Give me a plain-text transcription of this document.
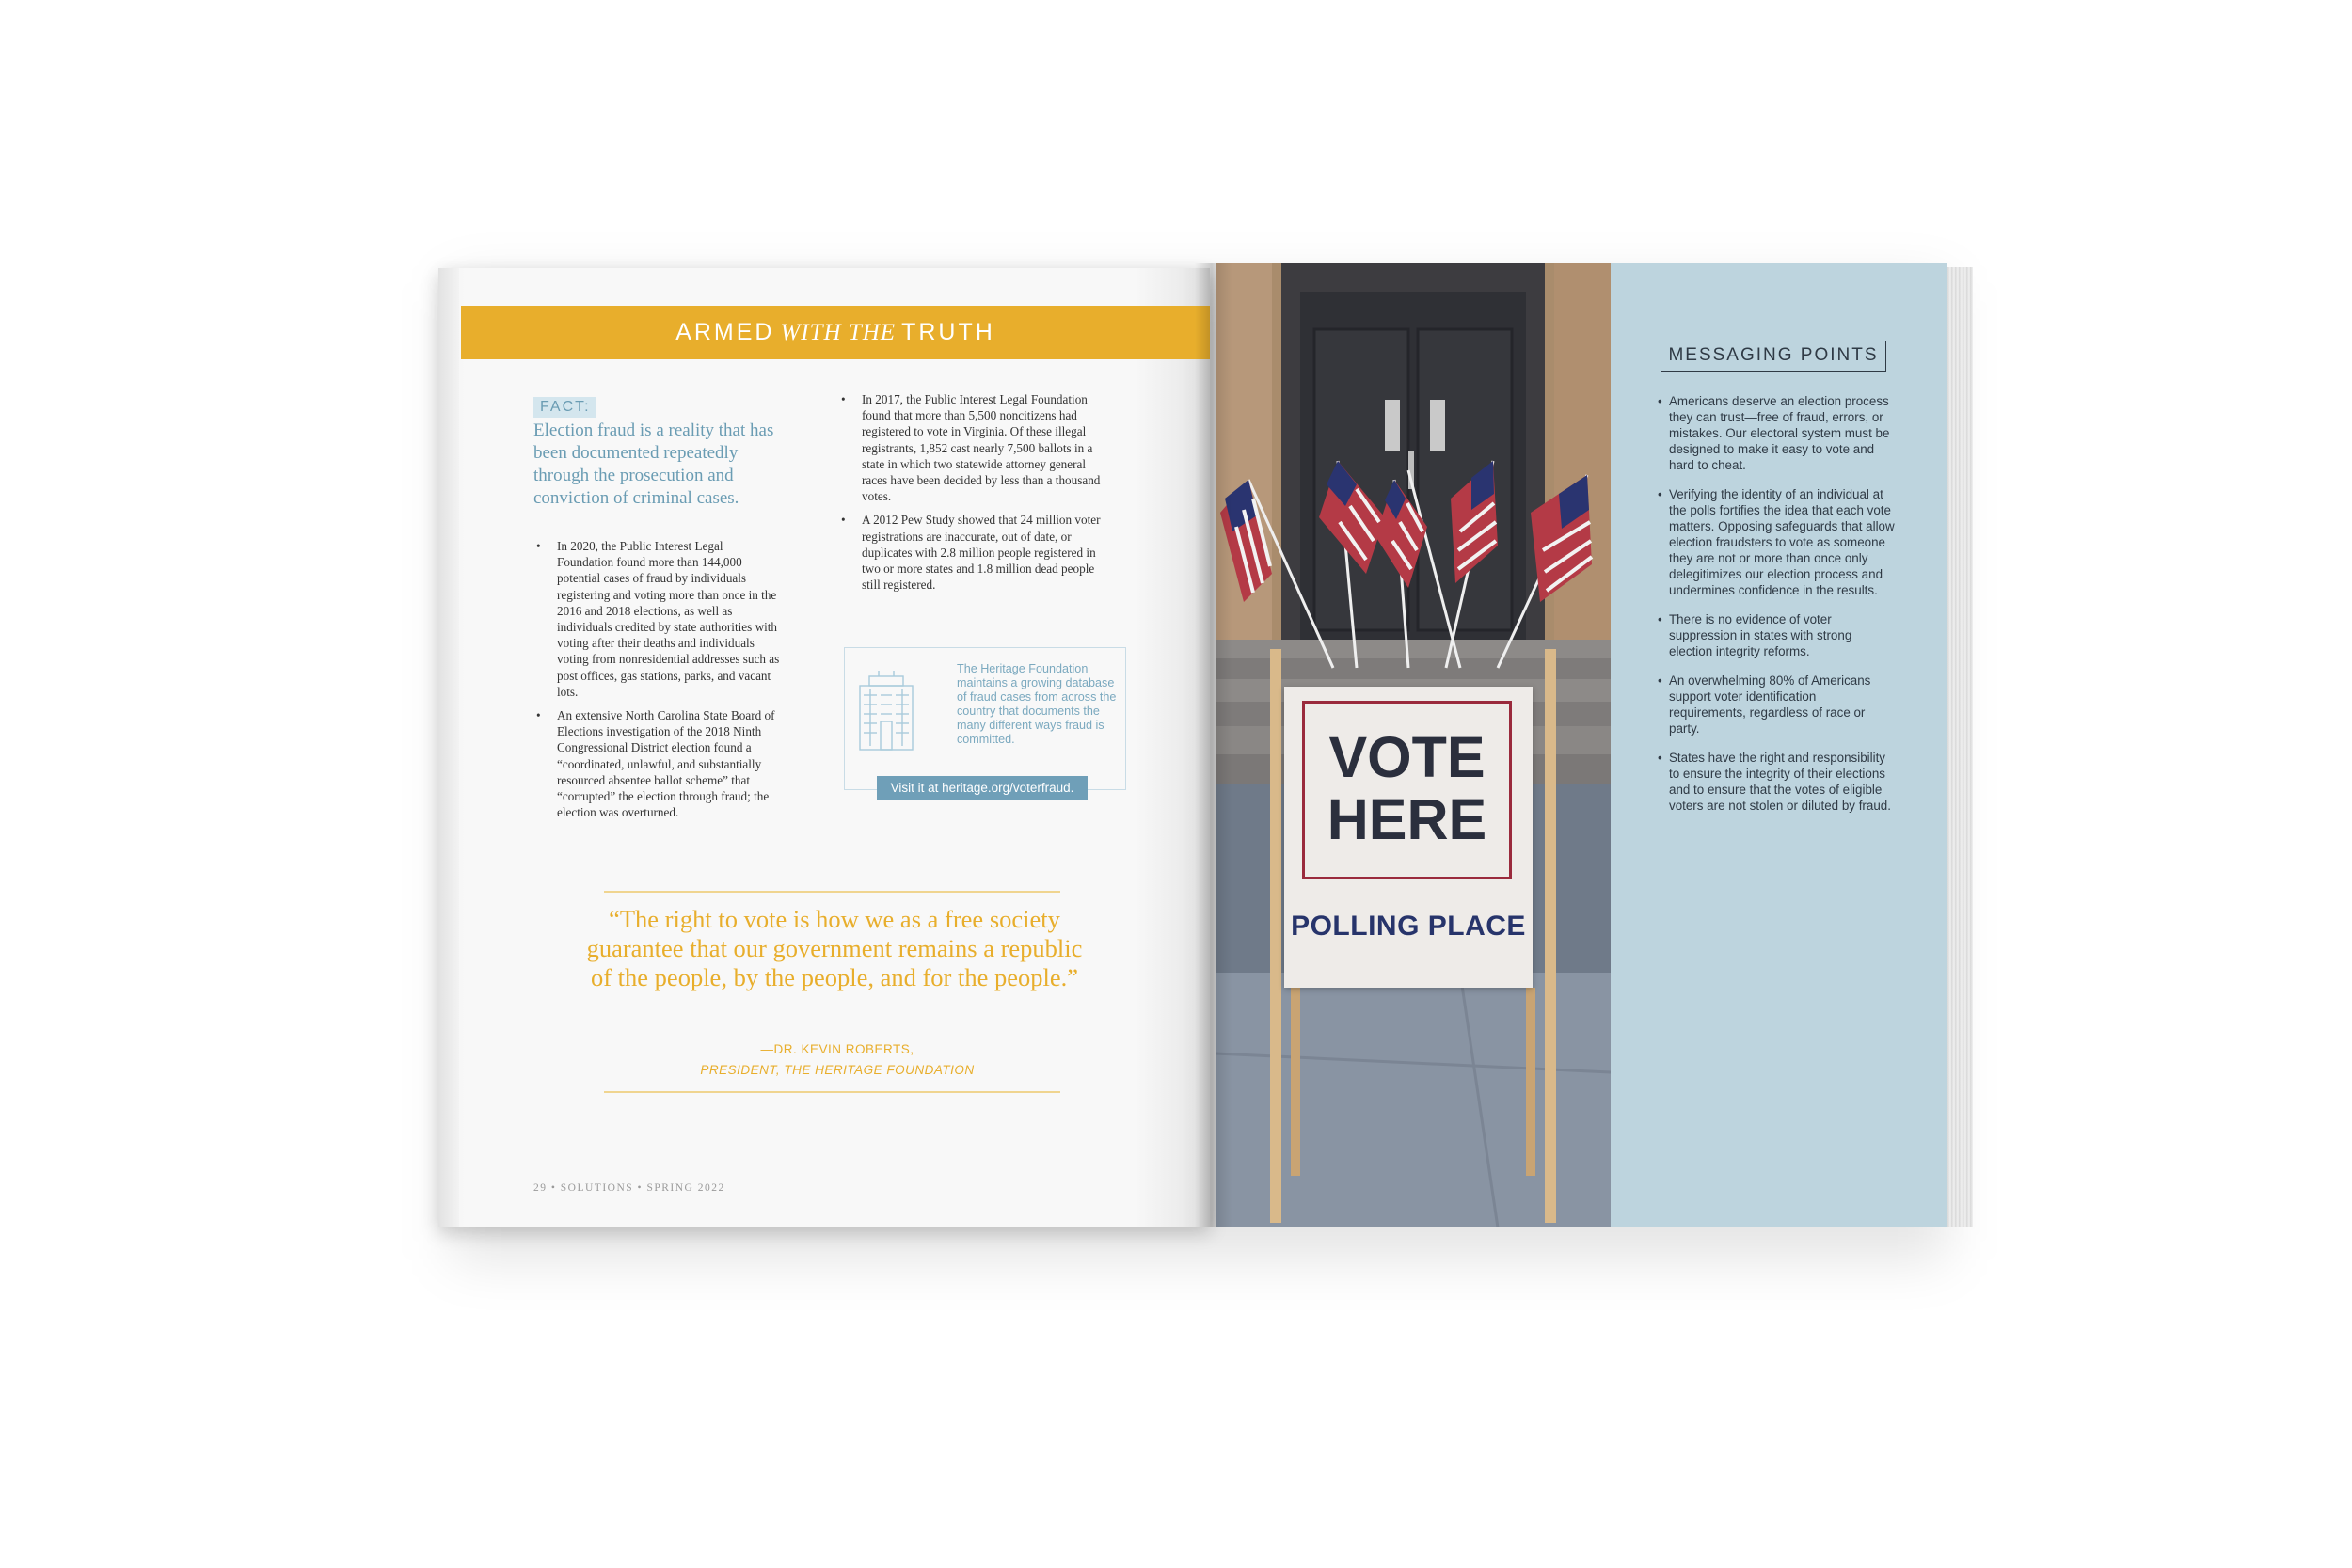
ARMED WITH THE TRUTH
FACT:
Election fraud is a reality that has been documented repeatedly through the prosecution and conviction of criminal cases.
• In 2020, the Public Interest Legal Foundation found more than 144,000 potential cases of fraud by individuals registering and voting more than once in the 2016 and 2018 elections, as well as individuals credited by state authorities with voting after their deaths and individuals voting from nonresidential addresses such as post offices, gas stations, parks, and vacant lots.
• An extensive North Carolina State Board of Elections investigation of the 2018 Ninth Congressional District election found a “coordinated, unlawful, and substantially resourced absentee ballot scheme” that “corrupted” the election through fraud; the election was overturned.
• In 2017, the Public Interest Legal Foundation found that more than 5,500 noncitizens had registered to vote in Virginia. Of these illegal registrants, 1,852 cast nearly 7,500 ballots in a state in which two statewide attorney general races have been decided by less than a thousand votes.
• A 2012 Pew Study showed that 24 million voter registrations are inaccurate, out of date, or duplicates with 2.8 million people registered in two or more states and 1.8 million dead people still registered.
The Heritage Foundation maintains a growing database of fraud cases from across the country that documents the many different ways fraud is committed.
Visit it at heritage.org/voterfraud.
“The right to vote is how we as a free society guarantee that our government remains a republic of the people, by the people, and for the people.”
—DR. KEVIN ROBERTS,
PRESIDENT, THE HERITAGE FOUNDATION
29 • SOLUTIONS • SPRING 2022
VOTE
HERE
POLLING PLACE
MESSAGING POINTS
• Americans deserve an election process they can trust—free of fraud, errors, or mistakes. Our electoral system must be designed to make it easy to vote and hard to cheat.
• Verifying the identity of an individual at the polls fortifies the idea that each vote matters. Opposing safeguards that allow election fraudsters to vote as someone they are not or more than once only delegitimizes our election process and undermines confidence in the results.
• There is no evidence of voter suppression in states with strong election integrity reforms.
• An overwhelming 80% of Americans support voter identification requirements, regardless of race or party.
• States have the right and responsibility to ensure the integrity of their elections and to ensure that the votes of eligible voters are not stolen or diluted by fraud.
